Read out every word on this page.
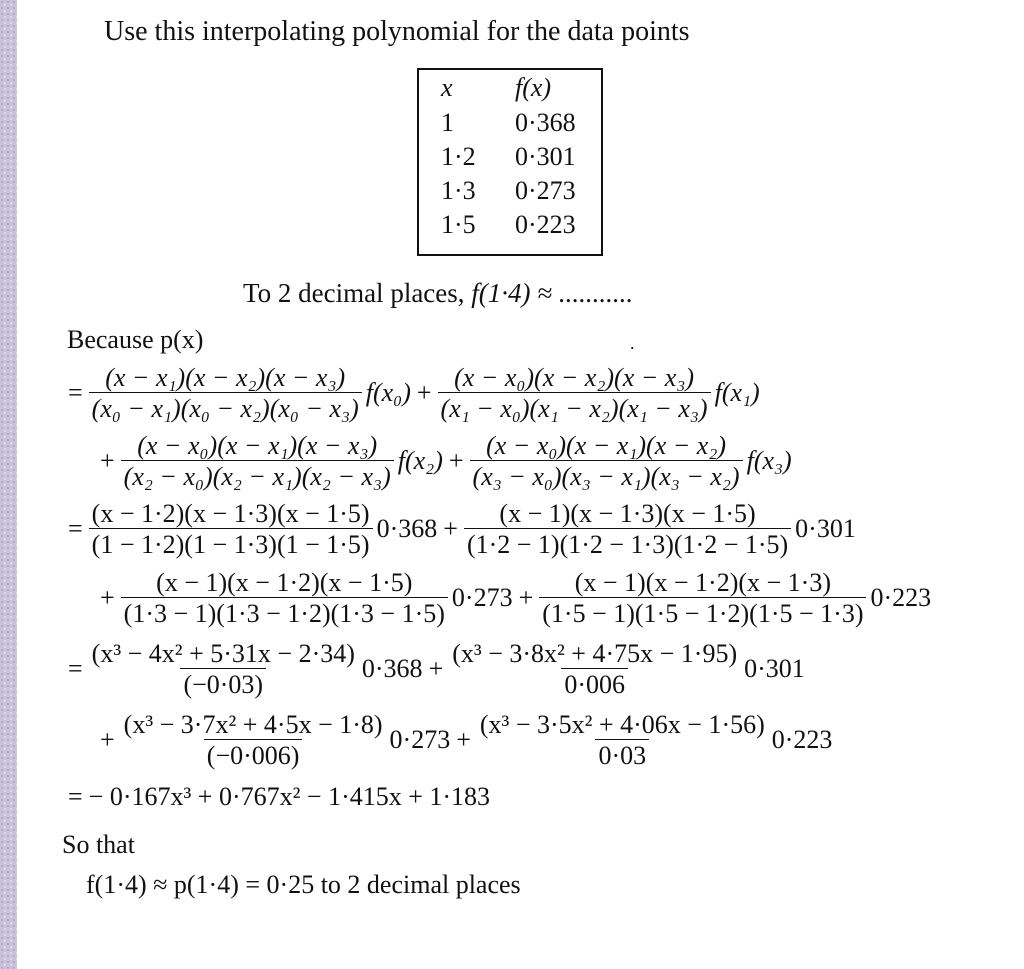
Use this interpolating polynomial for the data points
x	f(x)
1	0·368
1·2	0·301
1·3	0·273
1·5	0·223
To 2 decimal places, f(1·4) ≈ ...........
.
Because p(x)
= $\frac{\text{(x − x₁)(x − x₂)(x − x₃)}}{\text{(x₀ − x₁)(x₀ − x₂)(x₀ − x₃)}} f(x_0) + \frac{\text{(x − x₀)(x − x₂)(x − x₃)}}{\text{(x₁ − x₀)(x₁ − x₂)(x₁ − x₃)}} f(x_1)$
+ $\frac{\text{(x − x₀)(x − x₁)(x − x₃)}}{\text{(x₂ − x₀)(x₂ − x₁)(x₂ − x₃)}} f(x_2) + \frac{\text{(x − x₀)(x − x₁)(x − x₂)}}{\text{(x₃ − x₀)(x₃ − x₁)(x₃ − x₂)}} f(x_3)$
= $\frac{(x - 1\cdot 2)(x - 1\cdot 3)(x - 1\cdot 5)}{(1 - 1\cdot 2)(1 - 1\cdot 3)(1 - 1\cdot 5)} 0\cdot 368 + \frac{(x - 1)(x - 1\cdot 3)(x - 1\cdot 5)}{(1\cdot 2 - 1)(1\cdot 2 - 1\cdot 3)(1\cdot 2 - 1\cdot 5)} 0\cdot 301$
+ $\frac{(x - 1)(x - 1\cdot 2)(x - 1\cdot 5)}{(1\cdot 3 - 1)(1\cdot 3 - 1\cdot 2)(1\cdot 3 - 1\cdot 5)} 0\cdot 273 + \frac{(x - 1)(x - 1\cdot 2)(x - 1\cdot 3)}{(1\cdot 5 - 1)(1\cdot 5 - 1\cdot 2)(1\cdot 5 - 1\cdot 3)} 0\cdot 223$
= $\frac{\text{(x³ − 4x² + 5·31x − 2·34)}}{(-0\cdot 03)} 0\cdot 368 + \frac{\text{(x³ − 3·8x² + 4·75x − 1·95)}}{0\cdot 006} 0\cdot 301$
+ $\frac{\text{(x³ − 3·7x² + 4·5x − 1·8)}}{(-0\cdot 006)} 0\cdot 273 + \frac{\text{(x³ − 3·5x² + 4·06x − 1·56)}}{0\cdot 03} 0\cdot 223$
= − 0·167x³ + 0·767x² − 1·415x + 1·183
So that
f(1·4) ≈ p(1·4) = 0·25 to 2 decimal places
